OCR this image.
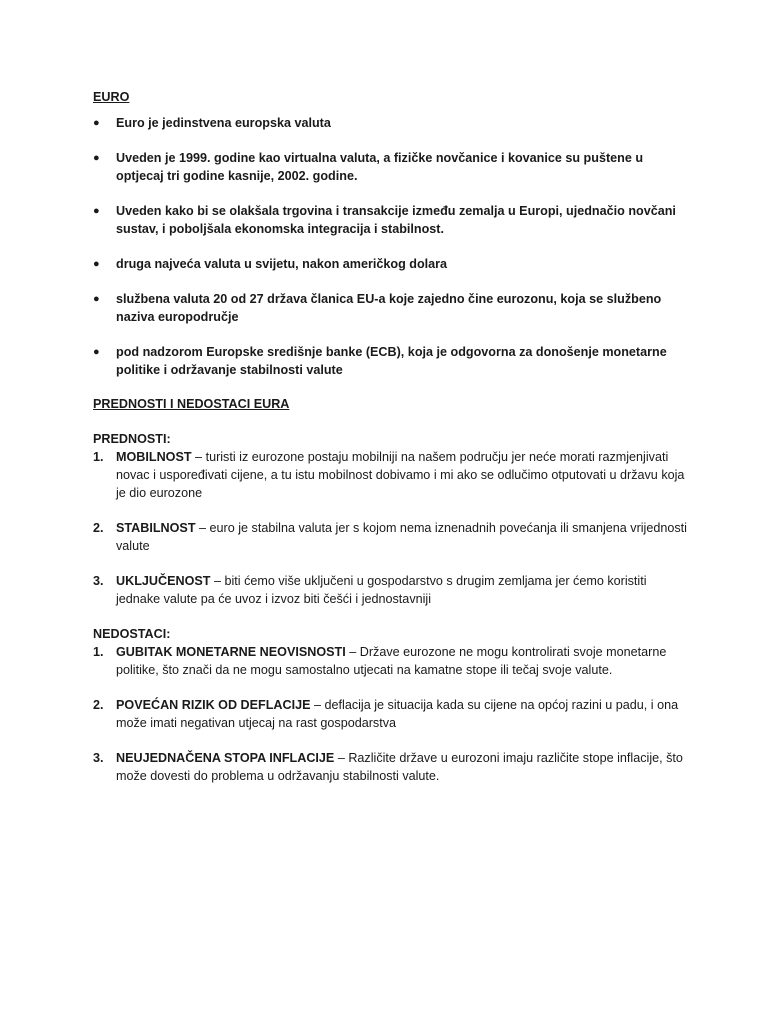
EURO

● Euro je jedinstvena europska valuta
● Uveden je 1999. godine kao virtualna valuta, a fizičke novčanice i kovanice su puštene u optjecaj tri godine kasnije, 2002. godine.
● Uveden kako bi se olakšala trgovina i transakcije između zemalja u Europi, ujednačio novčani sustav, i poboljšala ekonomska integracija i stabilnost.
● druga najveća valuta u svijetu, nakon američkog dolara
● službena valuta 20 od 27 država članica EU-a koje zajedno čine eurozonu, koja se službeno naziva europodručje
● pod nadzorom Europske središnje banke (ECB), koja je odgovorna za donošenje monetarne politike i održavanje stabilnosti valute

PREDNOSTI I NEDOSTACI EURA

PREDNOSTI:

1. MOBILNOST – turisti iz eurozone postaju mobilniji na našem području jer neće morati razmjenjivati novac i uspoređivati cijene, a tu istu mobilnost dobivamo i mi ako se odlučimo otputovati u državu koja je dio eurozone
2. STABILNOST – euro je stabilna valuta jer s kojom nema iznenadnih povećanja ili smanjena vrijednosti valute
3. UKLJUČENOST – biti ćemo više uključeni u gospodarstvo s drugim zemljama jer ćemo koristiti jednake valute pa će uvoz i izvoz biti češći i jednostavniji

NEDOSTACI:

1. GUBITAK MONETARNE NEOVISNOSTI – Države eurozone ne mogu kontrolirati svoje monetarne politike, što znači da ne mogu samostalno utjecati na kamatne stope ili tečaj svoje valute.
2. POVEĆAN RIZIK OD DEFLACIJE – deflacija je situacija kada su cijene na općoj razini u padu, i ona može imati negativan utjecaj na rast gospodarstva
3. NEUJEDNAČENA STOPA INFLACIJE – Različite države u eurozoni imaju različite stope inflacije, što može dovesti do problema u održavanju stabilnosti valute.
